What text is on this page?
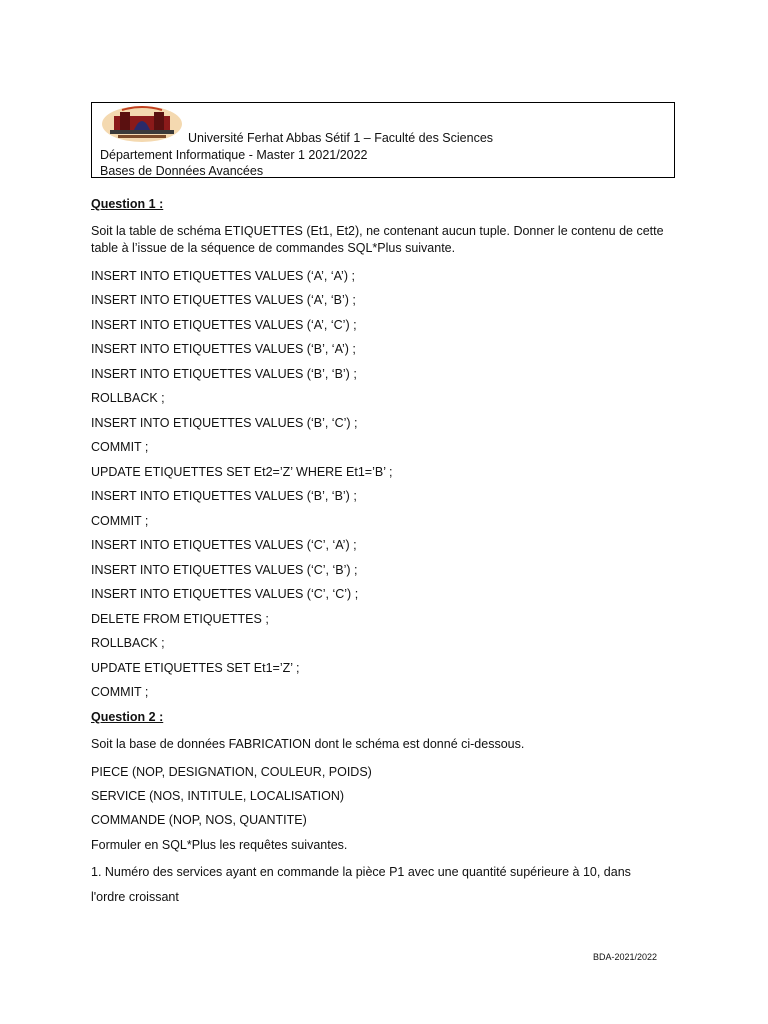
Université Ferhat Abbas Sétif 1 – Faculté des Sciences
Département Informatique - Master 1 2021/2022
Bases de Données Avancées
Question 1 :
Soit la table de schéma ETIQUETTES (Et1, Et2), ne contenant aucun tuple. Donner le contenu de cette
table à l’issue de la séquence de commandes SQL*Plus suivante.
INSERT INTO ETIQUETTES VALUES (‘A’, ‘A’) ;
INSERT INTO ETIQUETTES VALUES (‘A’, ‘B’) ;
INSERT INTO ETIQUETTES VALUES (‘A’, ‘C’) ;
INSERT INTO ETIQUETTES VALUES (‘B’, ‘A’) ;
INSERT INTO ETIQUETTES VALUES (‘B’, ‘B’) ;
ROLLBACK ;
INSERT INTO ETIQUETTES VALUES (‘B’, ‘C’) ;
COMMIT ;
UPDATE ETIQUETTES SET Et2=’Z’ WHERE Et1=’B’ ;
INSERT INTO ETIQUETTES VALUES (‘B’, ‘B’) ;
COMMIT ;
INSERT INTO ETIQUETTES VALUES (‘C’, ‘A’) ;
INSERT INTO ETIQUETTES VALUES (‘C’, ‘B’) ;
INSERT INTO ETIQUETTES VALUES (‘C’, ‘C’) ;
DELETE FROM ETIQUETTES ;
ROLLBACK ;
UPDATE ETIQUETTES SET Et1=’Z’ ;
COMMIT ;
Question 2 :
Soit la base de données FABRICATION dont le schéma est donné ci-dessous.
PIECE (NOP, DESIGNATION, COULEUR, POIDS)
SERVICE (NOS, INTITULE, LOCALISATION)
COMMANDE (NOP, NOS, QUANTITE)
Formuler en SQL*Plus les requêtes suivantes.
1. Numéro des services ayant en commande la pièce P1 avec une quantité supérieure à 10, dans
l'ordre croissant
BDA-2021/2022
